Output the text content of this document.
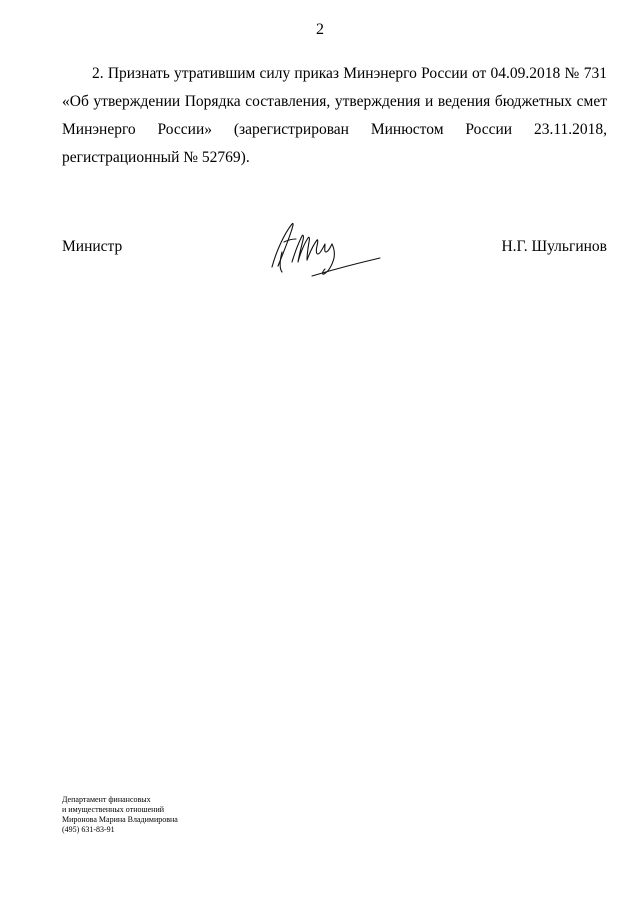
2

2. Признать утратившим силу приказ Минэнерго России от 04.09.2018 № 731 «Об утверждении Порядка составления, утверждения и ведения бюджетных смет Минэнерго России» (зарегистрирован Минюстом России 23.11.2018, регистрационный № 52769).

Министр	Н.Г. Шульгинов
Департамент финансовых
и имущественных отношений
Миронова Марина Владимировна
(495) 631-83-91
